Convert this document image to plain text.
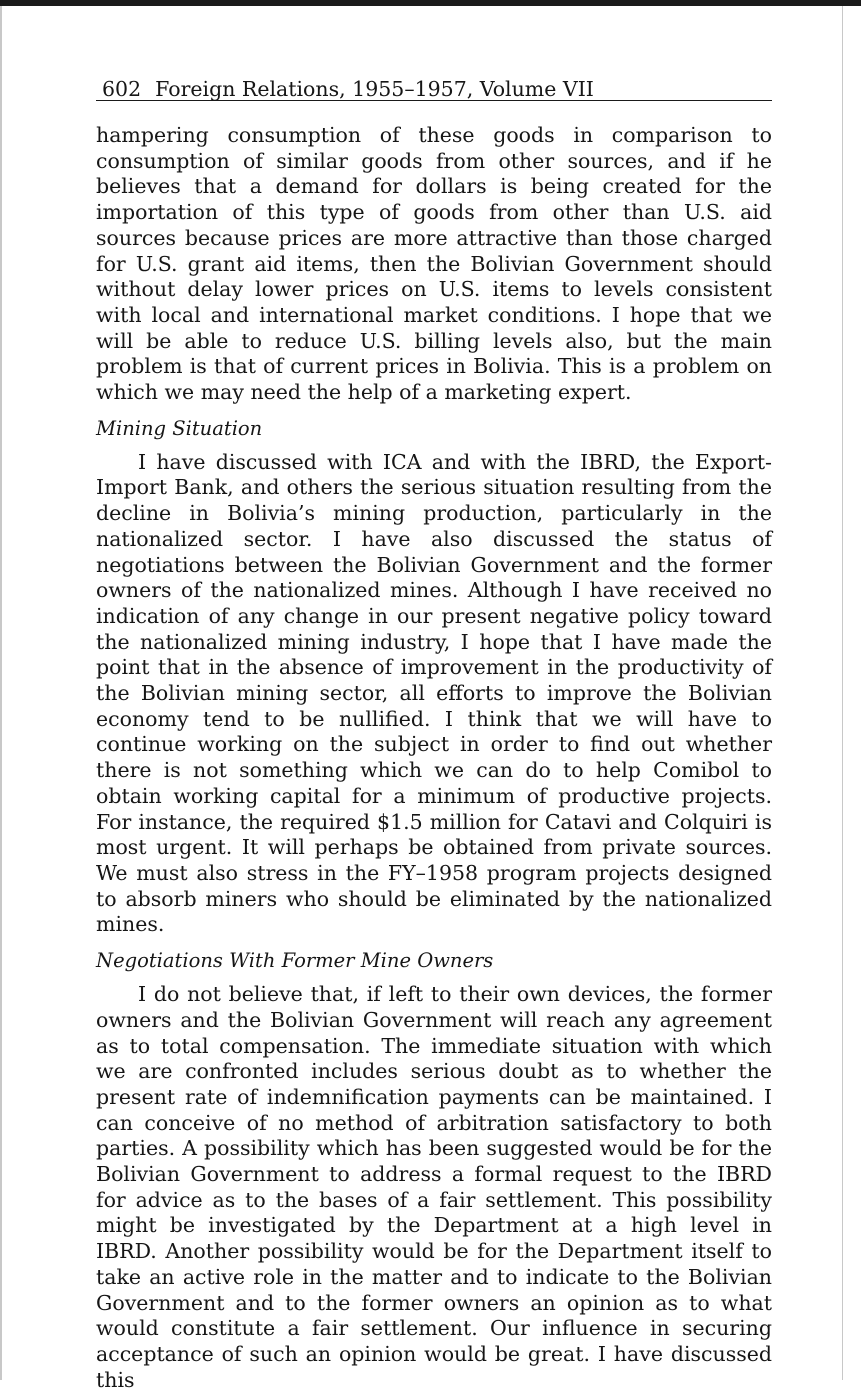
602 Foreign Relations, 1955–1957, Volume VII

hampering consumption of these goods in comparison to consumption of similar goods from other sources, and if he believes that a demand for dollars is being created for the importation of this type of goods from other than U.S. aid sources because prices are more attractive than those charged for U.S. grant aid items, then the Bolivian Government should without delay lower prices on U.S. items to levels consistent with local and international market conditions. I hope that we will be able to reduce U.S. billing levels also, but the main problem is that of current prices in Bolivia. This is a problem on which we may need the help of a marketing expert.

Mining Situation

I have discussed with ICA and with the IBRD, the Export-Import Bank, and others the serious situation resulting from the decline in Bolivia’s mining production, particularly in the nationalized sector. I have also discussed the status of negotiations between the Bolivian Government and the former owners of the nationalized mines. Although I have received no indication of any change in our present negative policy toward the nationalized mining industry, I hope that I have made the point that in the absence of improvement in the productivity of the Bolivian mining sector, all efforts to improve the Bolivian economy tend to be nullified. I think that we will have to continue working on the subject in order to find out whether there is not something which we can do to help Comibol to obtain working capital for a minimum of productive projects. For instance, the required $1.5 million for Catavi and Colquiri is most urgent. It will perhaps be obtained from private sources. We must also stress in the FY–1958 program projects designed to absorb miners who should be eliminated by the nationalized mines.

Negotiations With Former Mine Owners

I do not believe that, if left to their own devices, the former owners and the Bolivian Government will reach any agreement as to total compensation. The immediate situation with which we are confronted includes serious doubt as to whether the present rate of indemnification payments can be maintained. I can conceive of no method of arbitration satisfactory to both parties. A possibility which has been suggested would be for the Bolivian Government to address a formal request to the IBRD for advice as to the bases of a fair settlement. This possibility might be investigated by the Department at a high level in IBRD. Another possibility would be for the Department itself to take an active role in the matter and to indicate to the Bolivian Government and to the former owners an opinion as to what would constitute a fair settlement. Our influence in securing acceptance of such an opinion would be great. I have discussed this
